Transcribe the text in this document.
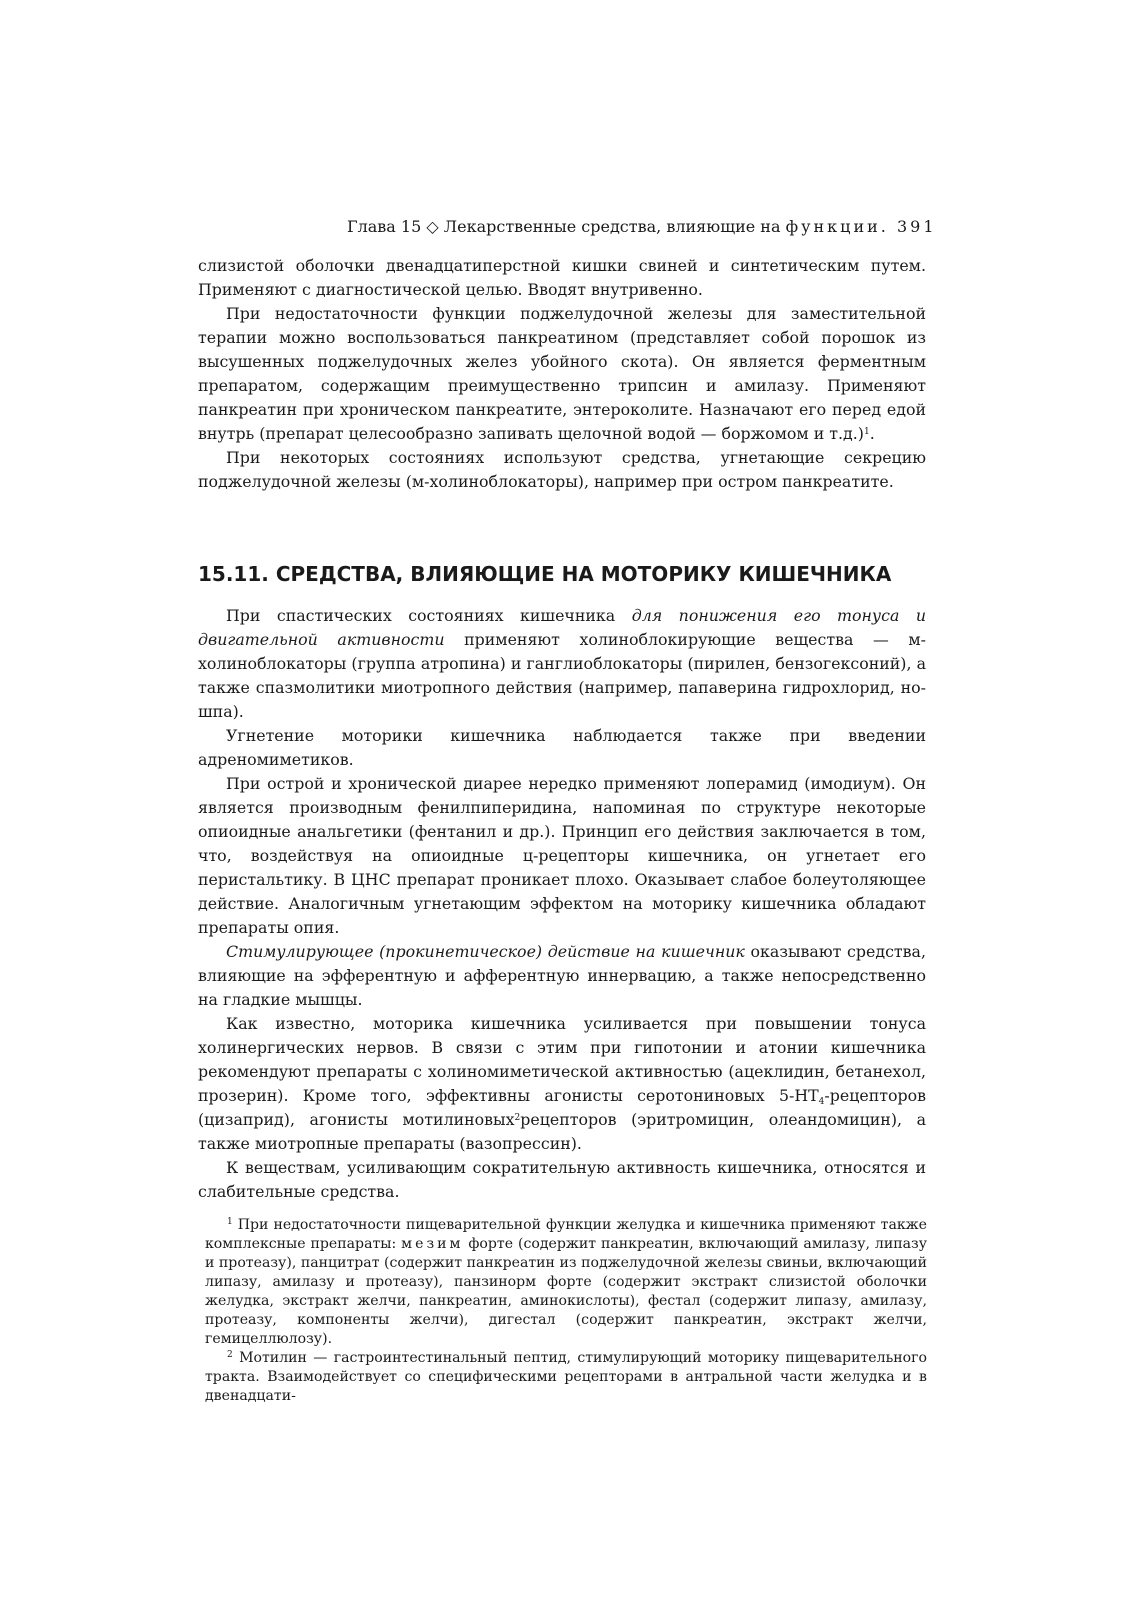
Глава 15 ◇ Лекарственные средства, влияющие на функции. 391

слизистой оболочки двенадцатиперстной кишки свиней и синтетическим путем. Применяют с диагностической целью. Вводят внутривенно.

При недостаточности функции поджелудочной железы для заместительной терапии можно воспользоваться панкреатином (представляет собой порошок из высушенных поджелудочных желез убойного скота). Он является ферментным препаратом, содержащим преимущественно трипсин и амилазу. Применяют панкреатин при хроническом панкреатите, энтероколите. Назначают его перед едой внутрь (препарат целесообразно запивать щелочной водой — боржомом и т.д.)$^1$.

При некоторых состояниях используют средства, угнетающие секрецию поджелудочной железы (м-холиноблокаторы), например при остром панкреатите.

15.11. СРЕДСТВА, ВЛИЯЮЩИЕ НА МОТОРИКУ КИШЕЧНИКА

При спастических состояниях кишечника для понижения его тонуса и двигательной активности применяют холиноблокирующие вещества — м-холиноблокаторы (группа атропина) и ганглиоблокаторы (пирилен, бензогексоний), а также спазмолитики миотропного действия (например, папаверина гидрохлорид, но-шпа).

Угнетение моторики кишечника наблюдается также при введении адреномиметиков.

При острой и хронической диарее нередко применяют лоперамид (имодиум). Он является производным фенилпиперидина, напоминая по структуре некоторые опиоидные анальгетики (фентанил и др.). Принцип его действия заключается в том, что, воздействуя на опиоидные ц-рецепторы кишечника, он угнетает его перистальтику. В ЦНС препарат проникает плохо. Оказывает слабое болеутоляющее действие. Аналогичным угнетающим эффектом на моторику кишечника обладают препараты опия.

Стимулирующее (прокинетическое) действие на кишечник оказывают средства, влияющие на эфферентную и афферентную иннервацию, а также непосредственно на гладкие мышцы.

Как известно, моторика кишечника усиливается при повышении тонуса холинергических нервов. В связи с этим при гипотонии и атонии кишечника рекомендуют препараты с холиномиметической активностью (ацеклидин, бетанехол, прозерин). Кроме того, эффективны агонисты серотониновых $5-НТ_4$-рецепторов (цизаприд), агонисты мотилиновых$^2$рецепторов (эритромицин, олеандомицин), а также миотропные препараты (вазопрессин).

К веществам, усиливающим сократительную активность кишечника, относятся и слабительные средства.

$^1$ При недостаточности пищеварительной функции желудка и кишечника применяют также комплексные препараты: мезим форте (содержит панкреатин, включающий амилазу, липазу и протеазу), панцитрат (содержит панкреатин из поджелудочной железы свиньи, включающий липазу, амилазу и протеазу), панзинорм форте (содержит экстракт слизистой оболочки желудка, экстракт желчи, панкреатин, аминокислоты), фестал (содержит липазу, амилазу, протеазу, компоненты желчи), дигестал (содержит панкреатин, экстракт желчи, гемицеллюлозу).

$^2$ Мотилин — гастроинтестинальный пептид, стимулирующий моторику пищеварительного тракта. Взаимодействует со специфическими рецепторами в антральной части желудка и в двенадцати-
